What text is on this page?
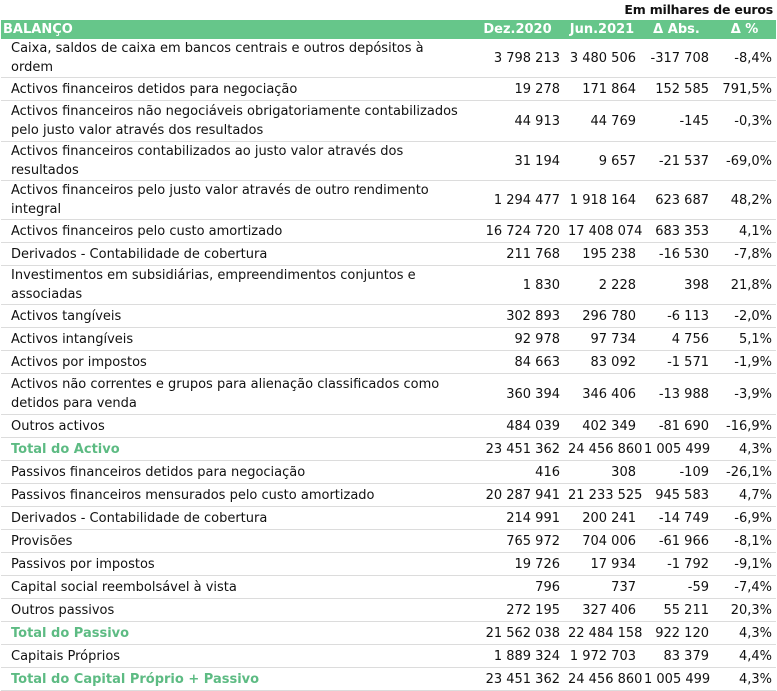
Em milhares de euros
BALANÇO	Dez.2020	Jun.2021	Δ Abs.	Δ %
Caixa, saldos de caixa em bancos centrais e outros depósitos à ordem	3 798 213	3 480 506	-317 708	-8,4%
Activos financeiros detidos para negociação	19 278	171 864	152 585	791,5%
Activos financeiros não negociáveis obrigatoriamente contabilizados pelo justo valor através dos resultados	44 913	44 769	-145	-0,3%
Activos financeiros contabilizados ao justo valor através dos resultados	31 194	9 657	-21 537	-69,0%
Activos financeiros pelo justo valor através de outro rendimento integral	1 294 477	1 918 164	623 687	48,2%
Activos financeiros pelo custo amortizado	16 724 720	17 408 074	683 353	4,1%
Derivados - Contabilidade de cobertura	211 768	195 238	-16 530	-7,8%
Investimentos em subsidiárias, empreendimentos conjuntos e associadas	1 830	2 228	398	21,8%
Activos tangíveis	302 893	296 780	-6 113	-2,0%
Activos intangíveis	92 978	97 734	4 756	5,1%
Activos por impostos	84 663	83 092	-1 571	-1,9%
Activos não correntes e grupos para alienação classificados como detidos para venda	360 394	346 406	-13 988	-3,9%
Outros activos	484 039	402 349	-81 690	-16,9%
Total do Activo	23 451 362	24 456 860	1 005 499	4,3%
Passivos financeiros detidos para negociação	416	308	-109	-26,1%
Passivos financeiros mensurados pelo custo amortizado	20 287 941	21 233 525	945 583	4,7%
Derivados - Contabilidade de cobertura	214 991	200 241	-14 749	-6,9%
Provisões	765 972	704 006	-61 966	-8,1%
Passivos por impostos	19 726	17 934	-1 792	-9,1%
Capital social reembolsável à vista	796	737	-59	-7,4%
Outros passivos	272 195	327 406	55 211	20,3%
Total do Passivo	21 562 038	22 484 158	922 120	4,3%
Capitais Próprios	1 889 324	1 972 703	83 379	4,4%
Total do Capital Próprio + Passivo	23 451 362	24 456 860	1 005 499	4,3%
